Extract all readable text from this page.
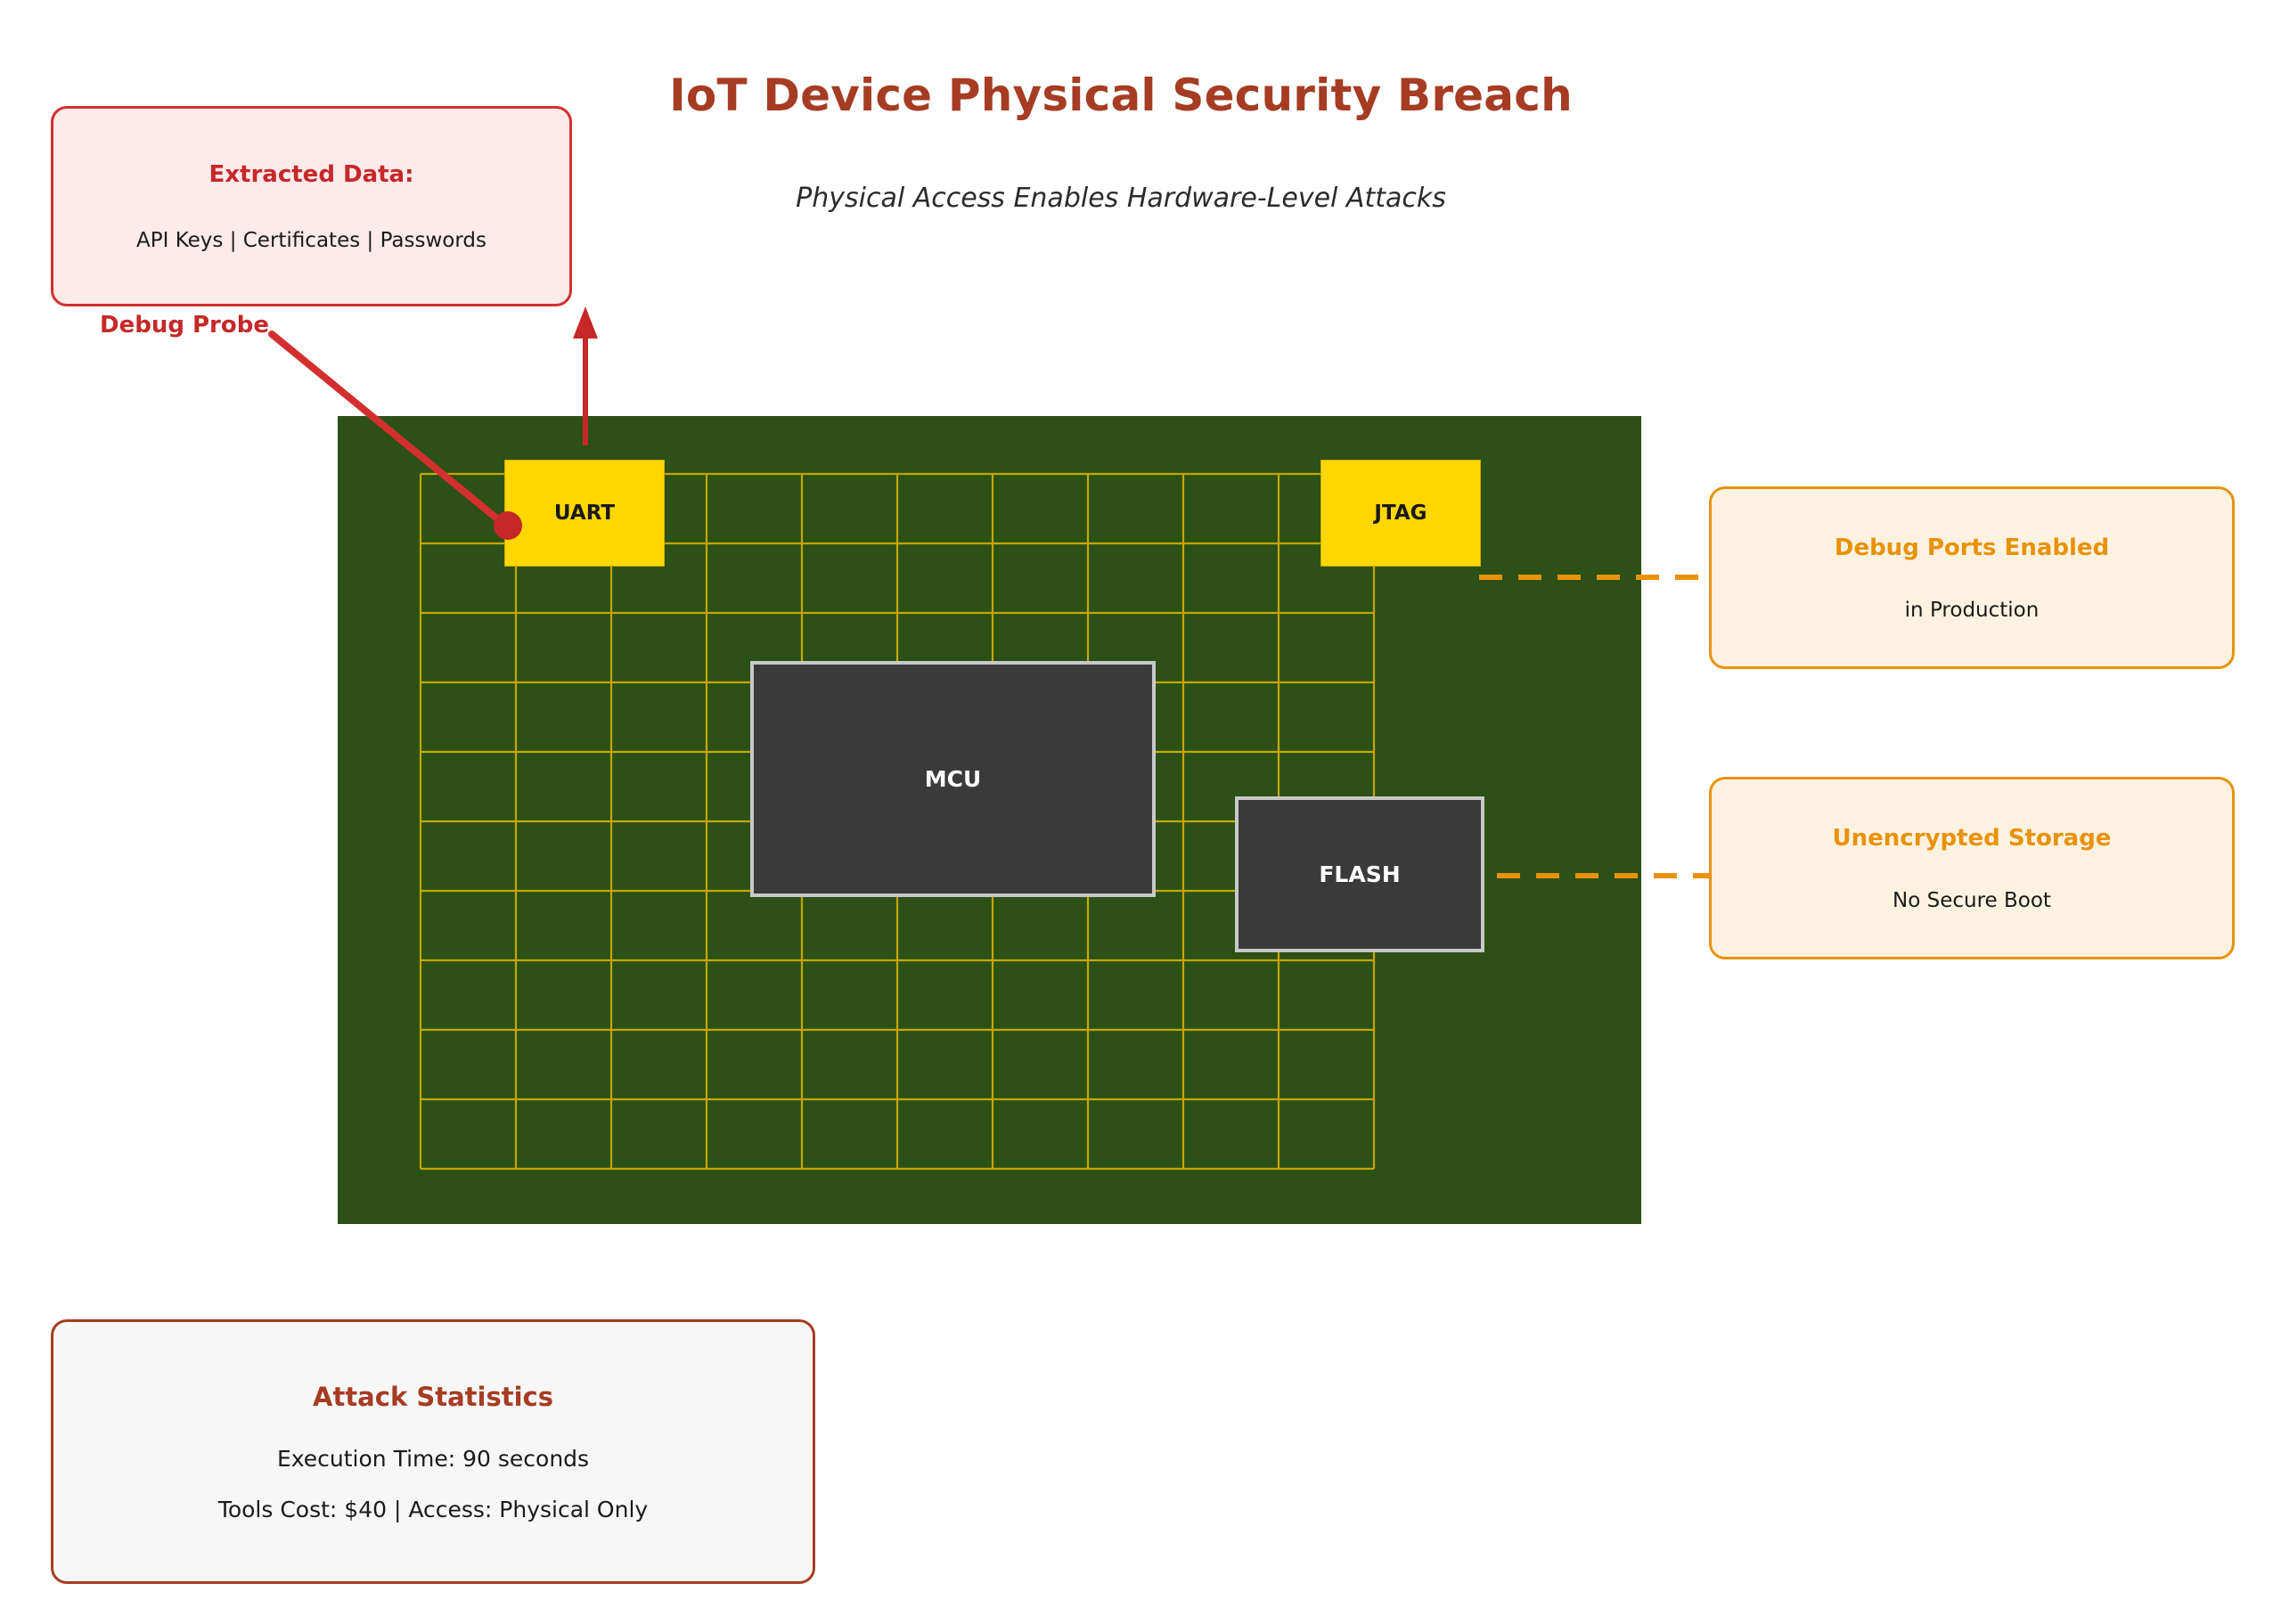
IoT Device Physical Security Breach
Physical Access Enables Hardware-Level Attacks
UART	JTAG
MCU
FLASH
Debug Probe
Extracted Data:
API Keys | Certificates | Passwords
Debug Ports Enabled
in Production
Unencrypted Storage
No Secure Boot
Attack Statistics
Execution Time: 90 seconds
Tools Cost: $40 | Access: Physical Only
